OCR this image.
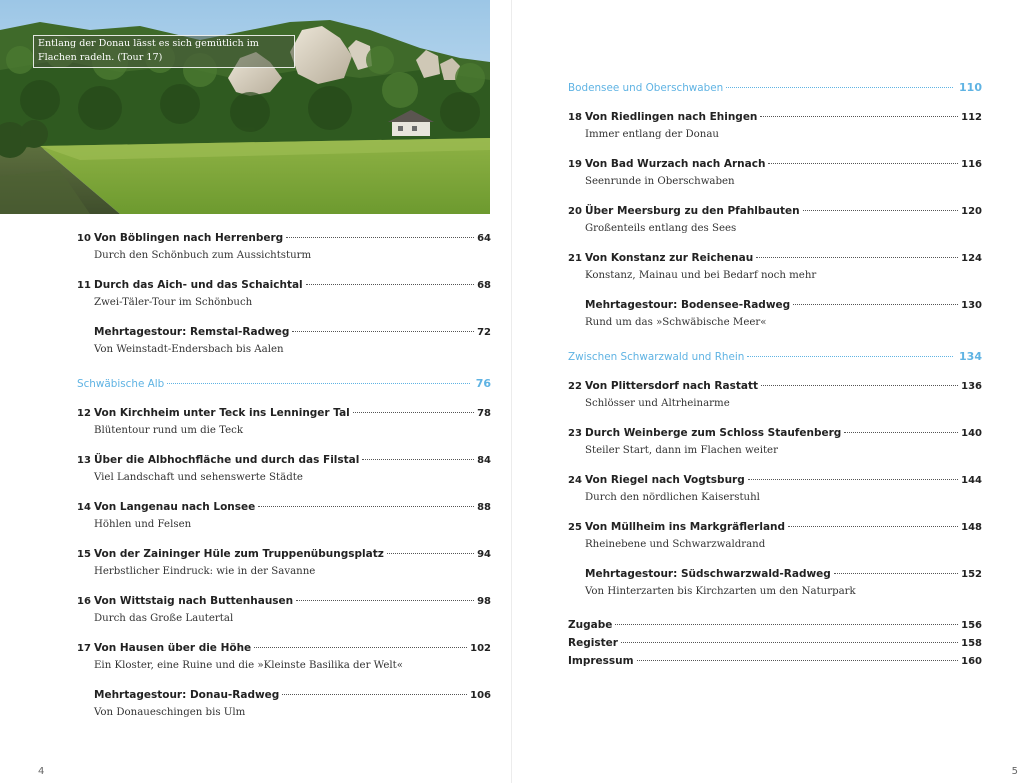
Entlang der Donau lässt es sich gemütlich im Flachen radeln. (Tour 17)
10 Von Böblingen nach Herrenberg	64
Durch den Schönbuch zum Aussichtsturm
11 Durch das Aich- und das Schaichtal	68
Zwei-Täler-Tour im Schönbuch
Mehrtagestour: Remstal-Radweg	72
Von Weinstadt-Endersbach bis Aalen
Schwäbische Alb	76
12 Von Kirchheim unter Teck ins Lenninger Tal	78
Blütentour rund um die Teck
13 Über die Albhochfläche und durch das Filstal	84
Viel Landschaft und sehenswerte Städte
14 Von Langenau nach Lonsee	88
Höhlen und Felsen
15 Von der Zaininger Hüle zum Truppenübungsplatz	94
Herbstlicher Eindruck: wie in der Savanne
16 Von Wittstaig nach Buttenhausen	98
Durch das Große Lautertal
17 Von Hausen über die Höhe	102
Ein Kloster, eine Ruine und die »Kleinste Basilika der Welt«
Mehrtagestour: Donau-Radweg	106
Von Donaueschingen bis Ulm
4
Bodensee und Oberschwaben	110
18 Von Riedlingen nach Ehingen	112
Immer entlang der Donau
19 Von Bad Wurzach nach Arnach	116
Seenrunde in Oberschwaben
20 Über Meersburg zu den Pfahlbauten	120
Großenteils entlang des Sees
21 Von Konstanz zur Reichenau	124
Konstanz, Mainau und bei Bedarf noch mehr
Mehrtagestour: Bodensee-Radweg	130
Rund um das »Schwäbische Meer«
Zwischen Schwarzwald und Rhein	134
22 Von Plittersdorf nach Rastatt	136
Schlösser und Altrheinarme
23 Durch Weinberge zum Schloss Staufenberg	140
Steiler Start, dann im Flachen weiter
24 Von Riegel nach Vogtsburg	144
Durch den nördlichen Kaiserstuhl
25 Von Müllheim ins Markgräflerland	148
Rheinebene und Schwarzwaldrand
Mehrtagestour: Südschwarzwald-Radweg	152
Von Hinterzarten bis Kirchzarten um den Naturpark
Zugabe	156
Register	158
Impressum	160
5
